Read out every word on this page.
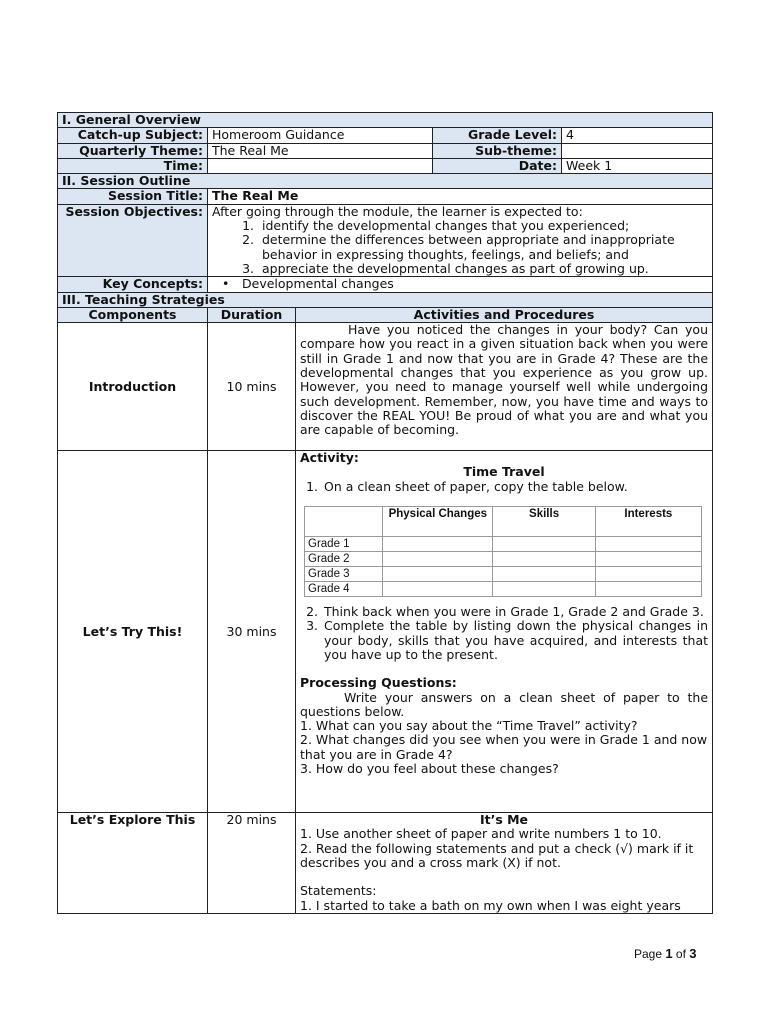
I. General Overview
Catch-up Subject:	Homeroom Guidance	Grade Level:	4
Quarterly Theme:	The Real Me	Sub-theme:	
Time:		Date:	Week 1
II. Session Outline
Session Title:	The Real Me
Session Objectives:	After going through the module, the learner is expected to:
1. identify the developmental changes that you experienced;
2. determine the differences between appropriate and inappropriate behavior in expressing thoughts, feelings, and beliefs; and
3. appreciate the developmental changes as part of growing up.

Key Concepts:	
•Developmental changes

III. Teaching Strategies
Components	Duration	Activities and Procedures
Introduction	10 mins	
Have you noticed the changes in your body? Can you compare how you react in a given situation back when you were still in Grade 1 and now that you are in Grade 4? These are the developmental changes that you experience as you grow up. However, you need to manage yourself well while undergoing such development. Remember, now, you have time and ways to discover the REAL YOU! Be proud of what you are and what you are capable of becoming.

Let’s Try This!	30 mins	
Activity:
Time Travel
1. On a clean sheet of paper, copy the table below.
	Physical Changes	Skills	Interests
Grade 1			
Grade 2			
Grade 3			
Grade 4			
2. Think back when you were in Grade 1, Grade 2 and Grade 3.
3. Complete the table by listing down the physical changes in your body, skills that you have acquired, and interests that you have up to the present.
Processing Questions:
Write your answers on a clean sheet of paper to the questions below.
1. What can you say about the “Time Travel” activity?
2. What changes did you see when you were in Grade 1 and now
that you are in Grade 4?
3. How do you feel about these changes?

Let’s Explore This	20 mins	It’s Me
1. Use another sheet of paper and write numbers 1 to 10.
2. Read the following statements and put a check (√) mark if it
describes you and a cross mark (X) if not.
Statements:
1. I started to take a bath on my own when I was eight years
Page 1 of 3
